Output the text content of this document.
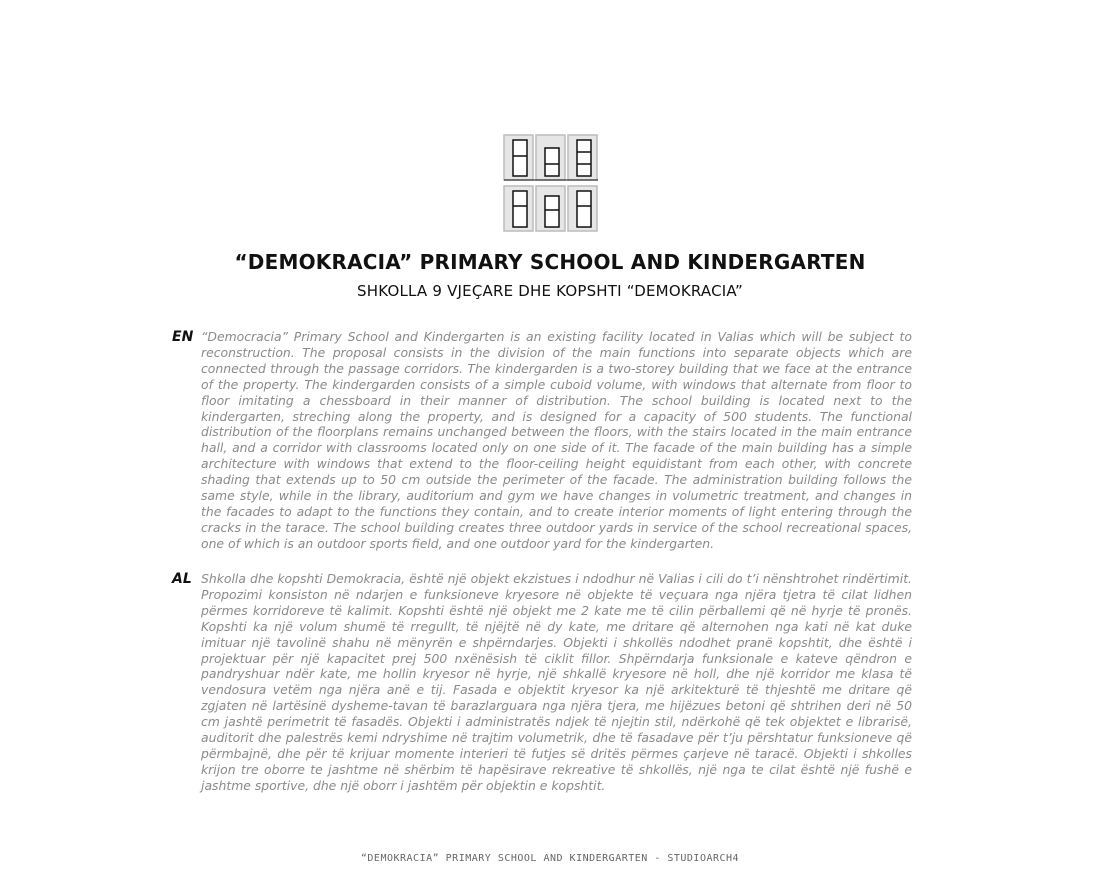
“DEMOKRACIA” PRIMARY SCHOOL AND KINDERGARTEN
SHKOLLA 9 VJEÇARE DHE KOPSHTI “DEMOKRACIA”
EN “Democracia” Primary School and Kindergarten is an existing facility located in Valias which will be subject to reconstruction. The proposal consists in the division of the main functions into separate objects which are connected through the passage corridors. The kindergarden is a two-storey building that we face at the entrance of the property. The kindergarden consists of a simple cuboid volume, with windows that alternate from floor to floor imitating a chessboard in their manner of distribution. The school building is located next to the kindergarten, streching along the property, and is designed for a capacity of 500 students. The functional distribution of the floorplans remains unchanged between the floors, with the stairs located in the main entrance hall, and a corridor with classrooms located only on one side of it. The facade of the main building has a simple architecture with windows that extend to the floor-ceiling height equidistant from each other, with concrete shading that extends up to 50 cm outside the perimeter of the facade. The administration building follows the same style, while in the library, auditorium and gym we have changes in volumetric treatment, and changes in the facades to adapt to the functions they contain, and to create interior moments of light entering through the cracks in the tarace. The school building creates three outdoor yards in service of the school recreational spaces, one of which is an outdoor sports field, and one outdoor yard for the kindergarten.

AL Shkolla dhe kopshti Demokracia, është një objekt ekzistues i ndodhur në Valias i cili do t’i nënshtrohet rindërtimit. Propozimi konsiston në ndarjen e funksioneve kryesore në objekte të veçuara nga njëra tjetra të cilat lidhen përmes korridoreve të kalimit. Kopshti është një objekt me 2 kate me të cilin përballemi që në hyrje të pronës. Kopshti ka një volum shumë të rregullt, të njëjtë në dy kate, me dritare që alternohen nga kati në kat duke imituar një tavolinë shahu në mënyrën e shpërndarjes. Objekti i shkollës ndodhet pranë kopshtit, dhe është i projektuar për një kapacitet prej 500 nxënësish të ciklit fillor. Shpërndarja funksionale e kateve qëndron e pandryshuar ndër kate, me hollin kryesor në hyrje, një shkallë kryesore në holl, dhe një korridor me klasa të vendosura vetëm nga njëra anë e tij. Fasada e objektit kryesor ka një arkitekturë të thjeshtë me dritare që zgjaten në lartësinë dysheme-tavan të barazlarguara nga njëra tjera, me hijëzues betoni që shtrihen deri në 50 cm jashtë perimetrit të fasadës. Objekti i administratës ndjek të njejtin stil, ndërkohë që tek objektet e librarisë, auditorit dhe palestrës kemi ndryshime në trajtim volumetrik, dhe të fasadave për t’ju përshtatur funksioneve që përmbajnë, dhe për të krijuar momente interieri të futjes së dritës përmes çarjeve në taracë. Objekti i shkolles krijon tre oborre te jashtme në shërbim të hapësirave rekreative të shkollës, një nga te cilat është një fushë e jashtme sportive, dhe një oborr i jashtëm për objektin e kopshtit.

“DEMOKRACIA” PRIMARY SCHOOL AND KINDERGARTEN - STUDIOARCH4
